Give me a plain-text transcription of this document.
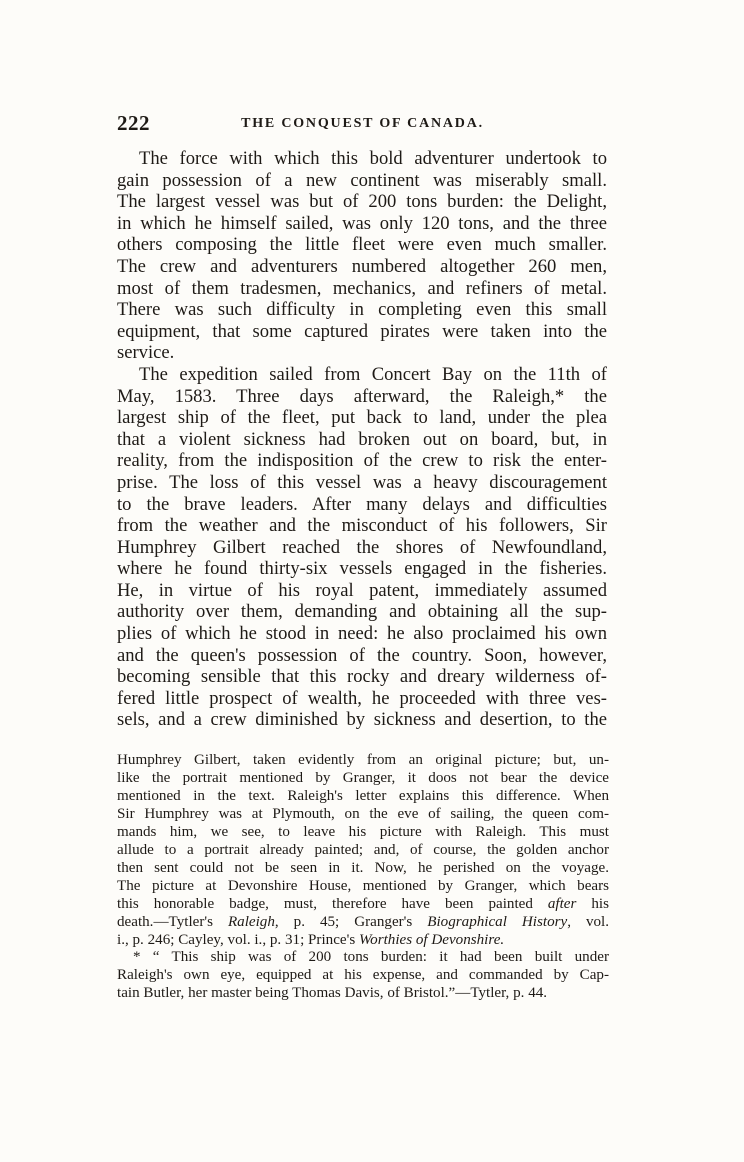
222	THE CONQUEST OF CANADA.

The force with which this bold adventurer undertook to

gain possession of a new continent was miserably small.

The largest vessel was but of 200 tons burden: the Delight,

in which he himself sailed, was only 120 tons, and the three

others composing the little fleet were even much smaller.

The crew and adventurers numbered altogether 260 men,

most of them tradesmen, mechanics, and refiners of metal.

There was such difficulty in completing even this small

equipment, that some captured pirates were taken into the

service.

The expedition sailed from Concert Bay on the 11th of

May, 1583. Three days afterward, the Raleigh,* the

largest ship of the fleet, put back to land, under the plea

that a violent sickness had broken out on board, but, in

reality, from the indisposition of the crew to risk the enter-

prise. The loss of this vessel was a heavy discouragement

to the brave leaders. After many delays and difficulties

from the weather and the misconduct of his followers, Sir

Humphrey Gilbert reached the shores of Newfoundland,

where he found thirty-six vessels engaged in the fisheries.

He, in virtue of his royal patent, immediately assumed

authority over them, demanding and obtaining all the sup-

plies of which he stood in need: he also proclaimed his own

and the queen's possession of the country. Soon, however,

becoming sensible that this rocky and dreary wilderness of-

fered little prospect of wealth, he proceeded with three ves-

sels, and a crew diminished by sickness and desertion, to the

Humphrey Gilbert, taken evidently from an original picture; but, un-

like the portrait mentioned by Granger, it doos not bear the device

mentioned in the text. Raleigh's letter explains this difference. When

Sir Humphrey was at Plymouth, on the eve of sailing, the queen com-

mands him, we see, to leave his picture with Raleigh. This must

allude to a portrait already painted; and, of course, the golden anchor

then sent could not be seen in it. Now, he perished on the voyage.

The picture at Devonshire House, mentioned by Granger, which bears

this honorable badge, must, therefore have been painted after his

death.—Tytler's Raleigh, p. 45; Granger's Biographical History, vol.

i., p. 246; Cayley, vol. i., p. 31; Prince's Worthies of Devonshire.

* “ This ship was of 200 tons burden: it had been built under

Raleigh's own eye, equipped at his expense, and commanded by Cap-

tain Butler, her master being Thomas Davis, of Bristol.”—Tytler, p. 44.
